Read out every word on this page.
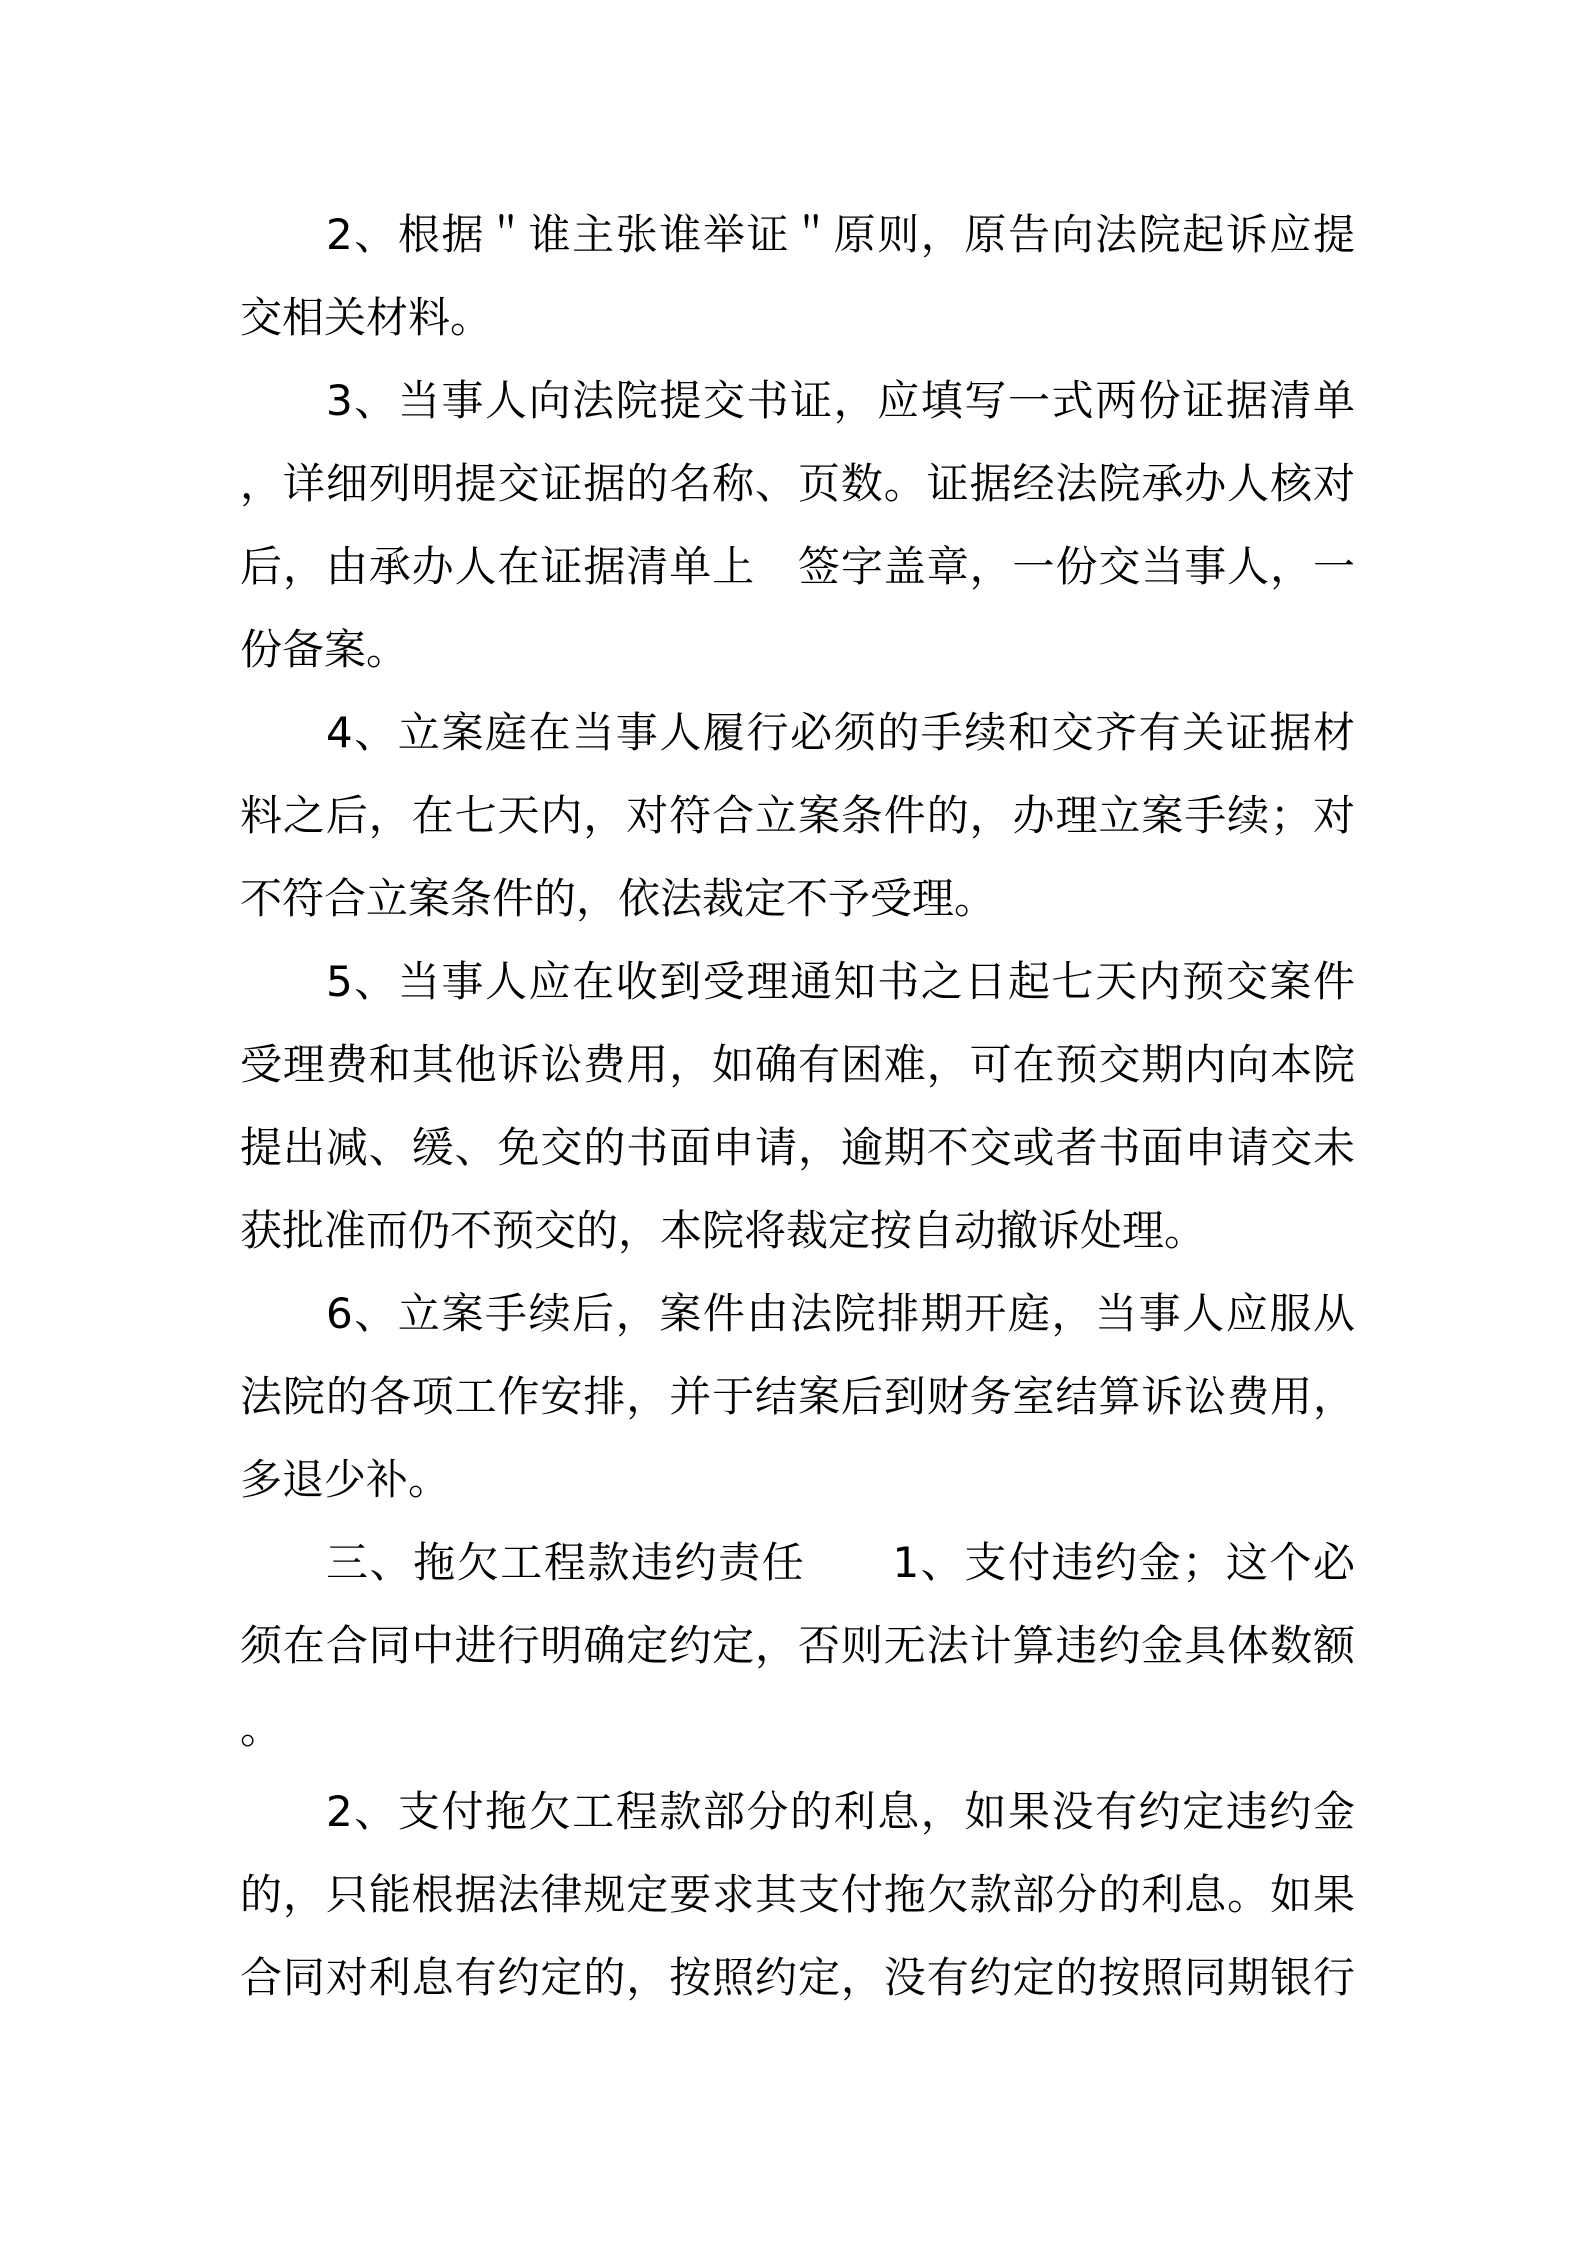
2、根据＂谁主张谁举证＂原则，原告向法院起诉应提
交相关材料。
3、当事人向法院提交书证，应填写一式两份证据清单
，详细列明提交证据的名称、页数。证据经法院承办人核对
后，由承办人在证据清单上　签字盖章，一份交当事人，一
份备案。
4、立案庭在当事人履行必须的手续和交齐有关证据材
料之后，在七天内，对符合立案条件的，办理立案手续；对
不符合立案条件的，依法裁定不予受理。
5、当事人应在收到受理通知书之日起七天内预交案件
受理费和其他诉讼费用，如确有困难，可在预交期内向本院
提出减、缓、免交的书面申请，逾期不交或者书面申请交未
获批准而仍不预交的，本院将裁定按自动撤诉处理。
6、立案手续后，案件由法院排期开庭，当事人应服从
法院的各项工作安排，并于结案后到财务室结算诉讼费用，
多退少补。
三、拖欠工程款违约责任　　1、支付违约金；这个必
须在合同中进行明确定约定，否则无法计算违约金具体数额
。
2、支付拖欠工程款部分的利息，如果没有约定违约金
的，只能根据法律规定要求其支付拖欠款部分的利息。如果
合同对利息有约定的，按照约定，没有约定的按照同期银行
